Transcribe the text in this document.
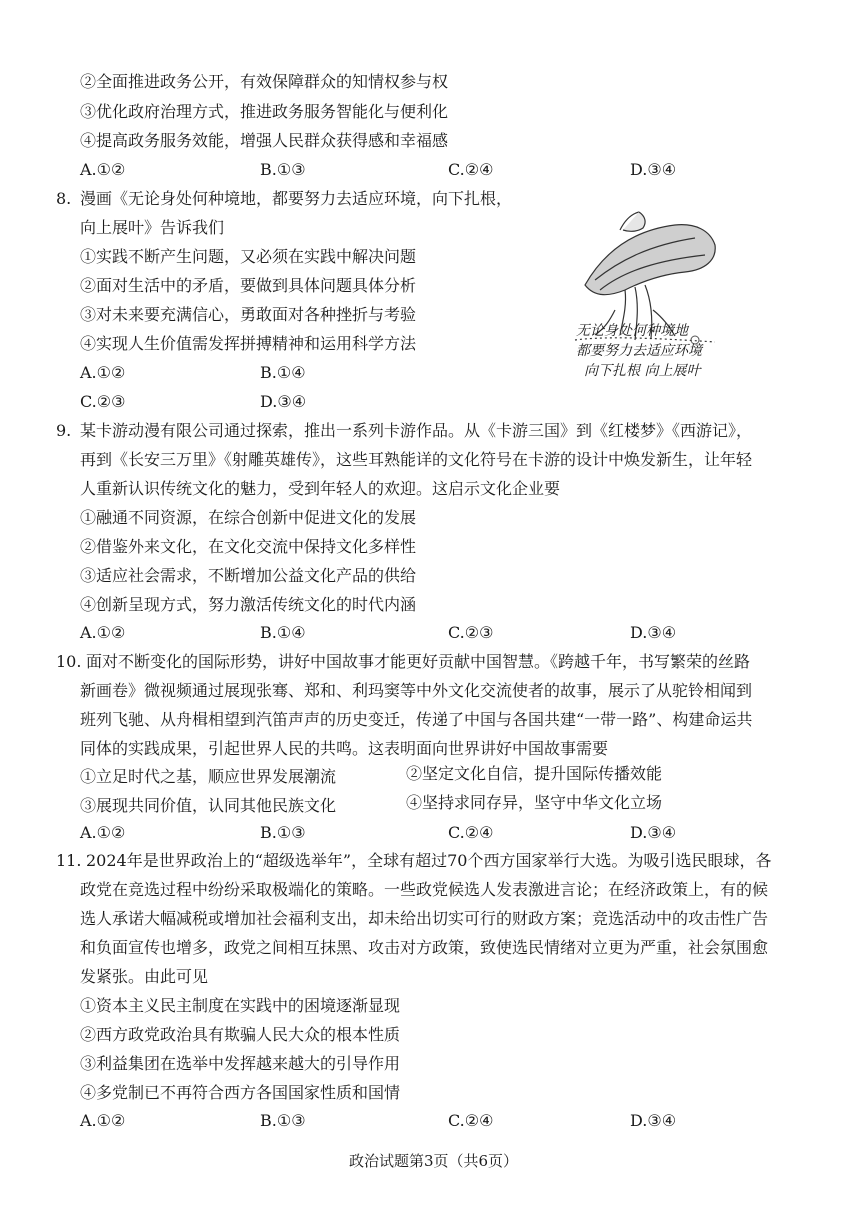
②全面推进政务公开，有效保障群众的知情权参与权
③优化政府治理方式，推进政务服务智能化与便利化
④提高政务服务效能，增强人民群众获得感和幸福感
A.①②	B.①③	C.②④	D.③④
8. 漫画《无论身处何种境地，都要努力去适应环境，向下扎根，
向上展叶》告诉我们
①实践不断产生问题，又必须在实践中解决问题
②面对生活中的矛盾，要做到具体问题具体分析
③对未来要充满信心，勇敢面对各种挫折与考验
④实现人生价值需发挥拼搏精神和运用科学方法
A.①②	B.①④
C.②③	D.③④
无论身处何种境地
都要努力去适应环境
向下扎根 向上展叶
9. 某卡游动漫有限公司通过探索，推出一系列卡游作品。从《卡游三国》到《红楼梦》《西游记》，
再到《长安三万里》《射雕英雄传》，这些耳熟能详的文化符号在卡游的设计中焕发新生，让年轻
人重新认识传统文化的魅力，受到年轻人的欢迎。这启示文化企业要
①融通不同资源，在综合创新中促进文化的发展
②借鉴外来文化，在文化交流中保持文化多样性
③适应社会需求，不断增加公益文化产品的供给
④创新呈现方式，努力激活传统文化的时代内涵
A.①②	B.①④	C.②③	D.③④
10. 面对不断变化的国际形势，讲好中国故事才能更好贡献中国智慧。《跨越千年，书写繁荣的丝路
新画卷》微视频通过展现张骞、郑和、利玛窦等中外文化交流使者的故事，展示了从驼铃相闻到
班列飞驰、从舟楫相望到汽笛声声的历史变迁，传递了中国与各国共建“一带一路”、构建命运共
同体的实践成果，引起世界人民的共鸣。这表明面向世界讲好中国故事需要
①立足时代之基，顺应世界发展潮流	②坚定文化自信，提升国际传播效能
③展现共同价值，认同其他民族文化	④坚持求同存异，坚守中华文化立场
A.①②	B.①③	C.②④	D.③④
11. 2024年是世界政治上的“超级选举年”，全球有超过70个西方国家举行大选。为吸引选民眼球，各
政党在竞选过程中纷纷采取极端化的策略。一些政党候选人发表激进言论；在经济政策上，有的候
选人承诺大幅减税或增加社会福利支出，却未给出切实可行的财政方案；竞选活动中的攻击性广告
和负面宣传也增多，政党之间相互抹黑、攻击对方政策，致使选民情绪对立更为严重，社会氛围愈
发紧张。由此可见
①资本主义民主制度在实践中的困境逐渐显现
②西方政党政治具有欺骗人民大众的根本性质
③利益集团在选举中发挥越来越大的引导作用
④多党制已不再符合西方各国国家性质和国情
A.①②	B.①③	C.②④	D.③④
政治试题第3页（共6页）
